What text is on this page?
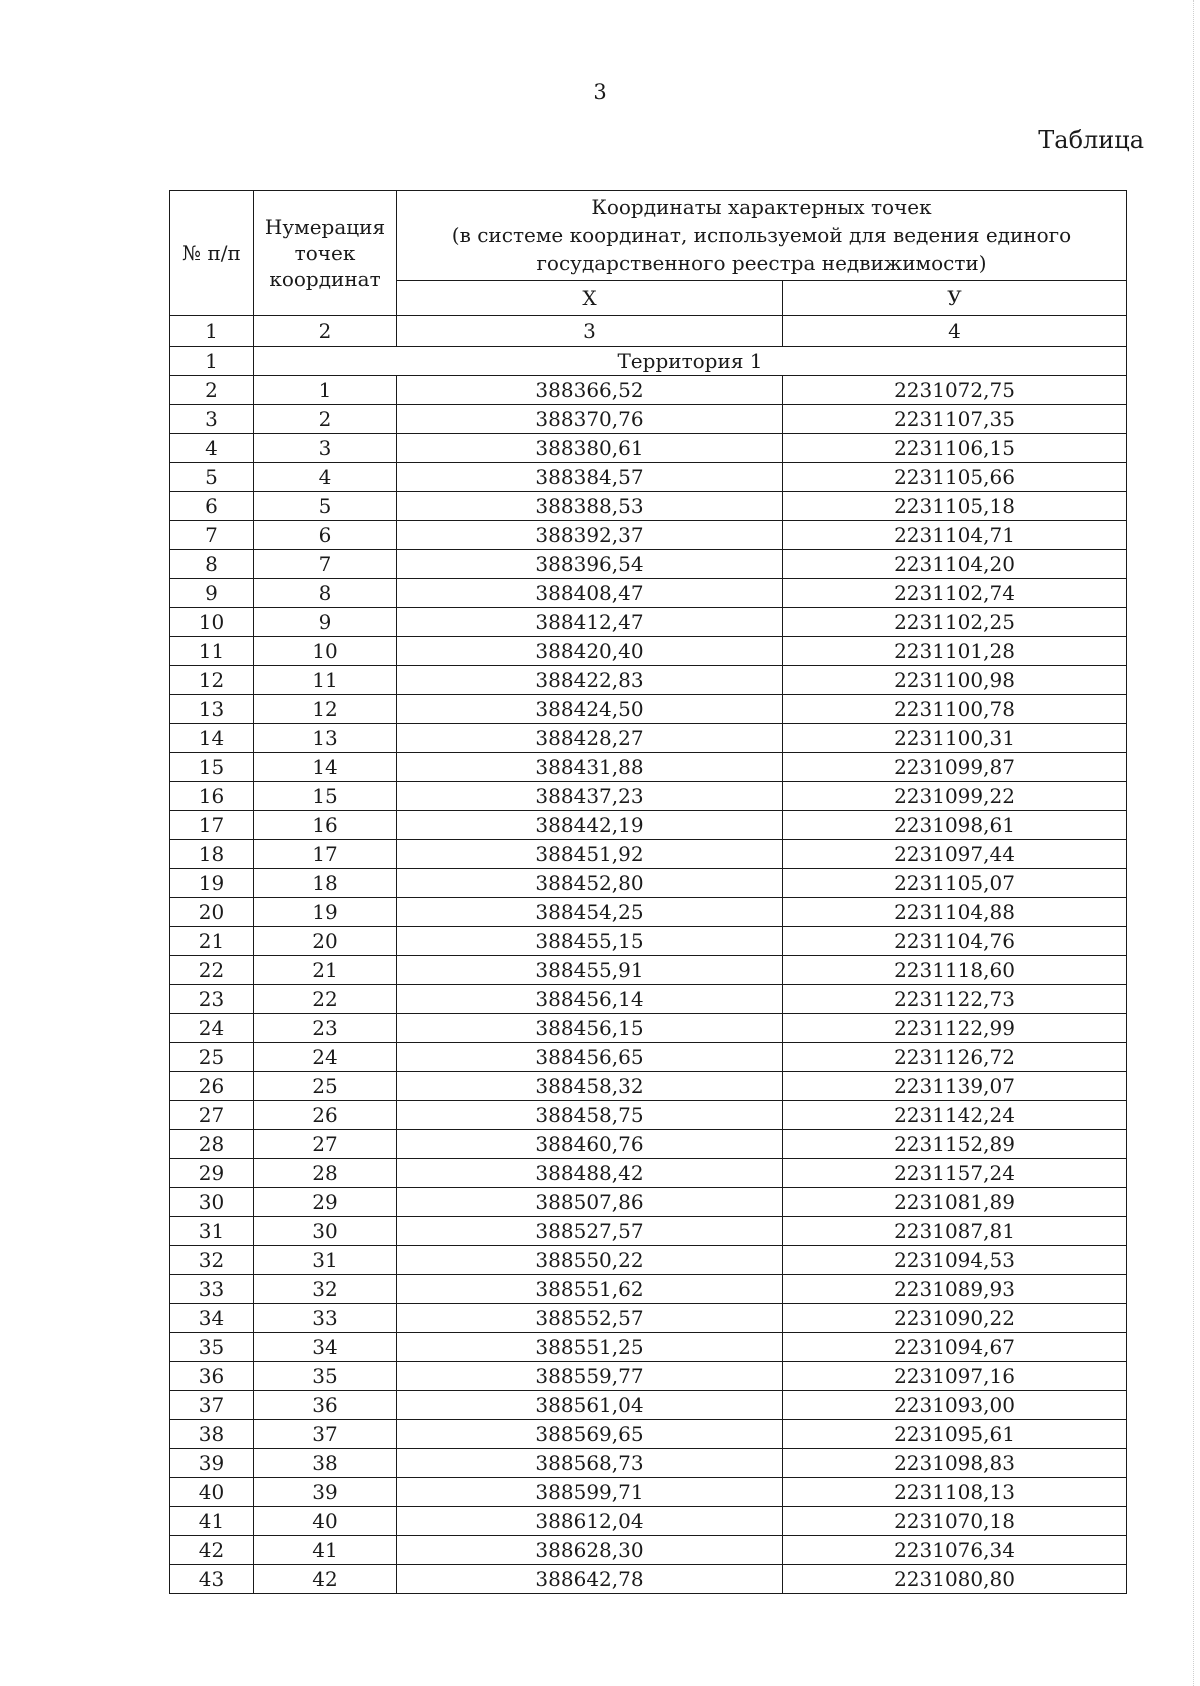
3
Таблица
№ п/п	Нумерация точек координат	Координаты характерных точек
(в системе координат, используемой для ведения единого государственного реестра недвижимости)	

		X	У
1	2	3	4
1	Территория 1		
2	1	388366,52	2231072,75
3	2	388370,76	2231107,35
4	3	388380,61	2231106,15
5	4	388384,57	2231105,66
6	5	388388,53	2231105,18
7	6	388392,37	2231104,71
8	7	388396,54	2231104,20
9	8	388408,47	2231102,74
10	9	388412,47	2231102,25
11	10	388420,40	2231101,28
12	11	388422,83	2231100,98
13	12	388424,50	2231100,78
14	13	388428,27	2231100,31
15	14	388431,88	2231099,87
16	15	388437,23	2231099,22
17	16	388442,19	2231098,61
18	17	388451,92	2231097,44
19	18	388452,80	2231105,07
20	19	388454,25	2231104,88
21	20	388455,15	2231104,76
22	21	388455,91	2231118,60
23	22	388456,14	2231122,73
24	23	388456,15	2231122,99
25	24	388456,65	2231126,72
26	25	388458,32	2231139,07
27	26	388458,75	2231142,24
28	27	388460,76	2231152,89
29	28	388488,42	2231157,24
30	29	388507,86	2231081,89
31	30	388527,57	2231087,81
32	31	388550,22	2231094,53
33	32	388551,62	2231089,93
34	33	388552,57	2231090,22
35	34	388551,25	2231094,67
36	35	388559,77	2231097,16
37	36	388561,04	2231093,00
38	37	388569,65	2231095,61
39	38	388568,73	2231098,83
40	39	388599,71	2231108,13
41	40	388612,04	2231070,18
42	41	388628,30	2231076,34
43	42	388642,78	2231080,80
